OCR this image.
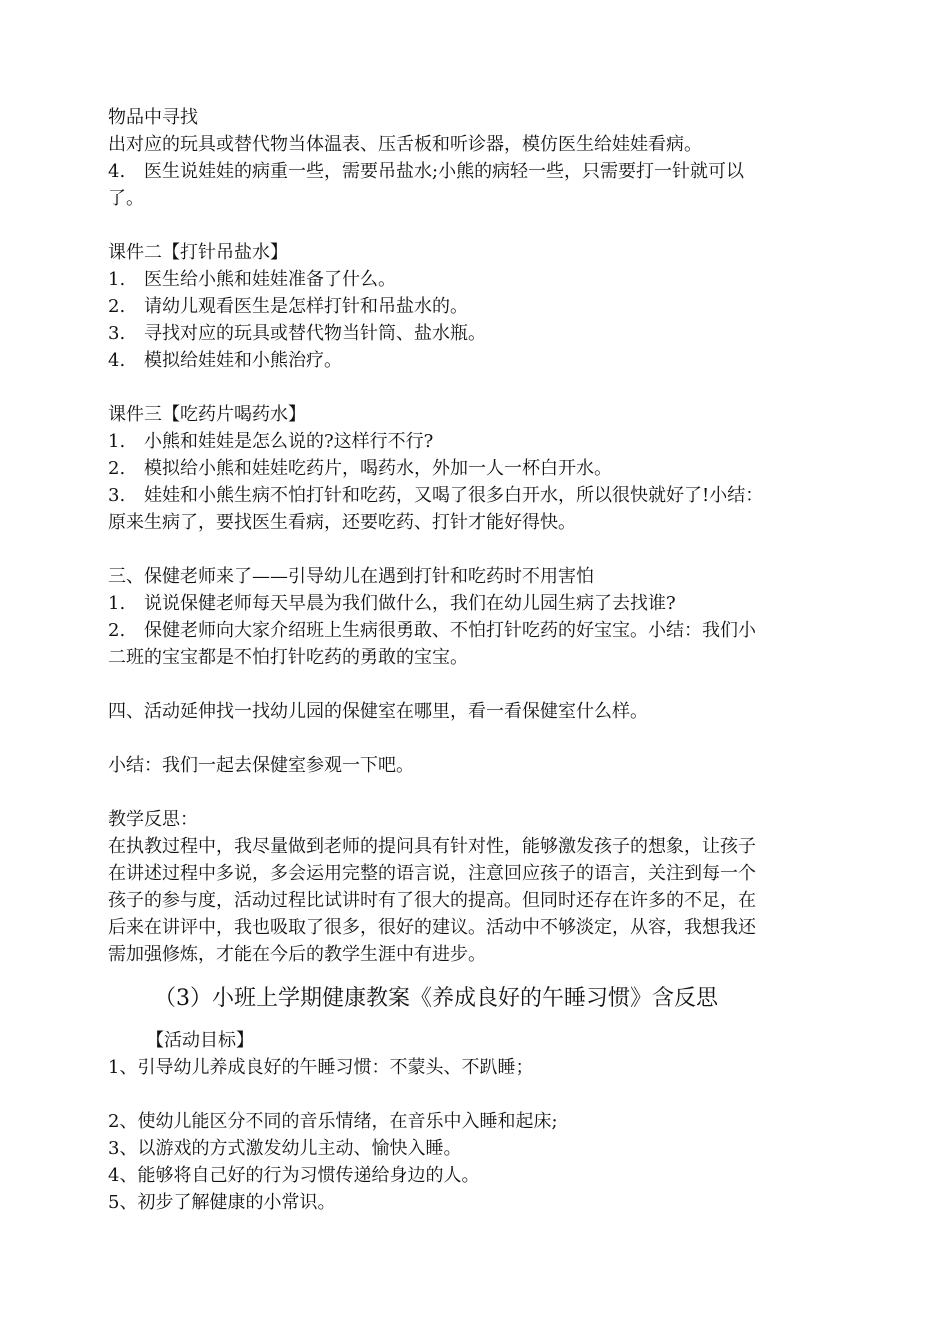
物品中寻找
出对应的玩具或替代物当体温表、压舌板和听诊器，模仿医生给娃娃看病。
4. 医生说娃娃的病重一些，需要吊盐水;小熊的病轻一些，只需要打一针就可以
了。
课件二【打针吊盐水】
1. 医生给小熊和娃娃准备了什么。
2. 请幼儿观看医生是怎样打针和吊盐水的。
3. 寻找对应的玩具或替代物当针筒、盐水瓶。
4. 模拟给娃娃和小熊治疗。
课件三【吃药片喝药水】
1. 小熊和娃娃是怎么说的?这样行不行?
2. 模拟给小熊和娃娃吃药片，喝药水，外加一人一杯白开水。
3. 娃娃和小熊生病不怕打针和吃药，又喝了很多白开水，所以很快就好了!小结：
原来生病了，要找医生看病，还要吃药、打针才能好得快。
三、保健老师来了——引导幼儿在遇到打针和吃药时不用害怕
1. 说说保健老师每天早晨为我们做什么，我们在幼儿园生病了去找谁?
2. 保健老师向大家介绍班上生病很勇敢、不怕打针吃药的好宝宝。小结：我们小
二班的宝宝都是不怕打针吃药的勇敢的宝宝。
四、活动延伸找一找幼儿园的保健室在哪里，看一看保健室什么样。
小结：我们一起去保健室参观一下吧。
教学反思：
在执教过程中，我尽量做到老师的提问具有针对性，能够激发孩子的想象，让孩子
在讲述过程中多说，多会运用完整的语言说，注意回应孩子的语言，关注到每一个
孩子的参与度，活动过程比试讲时有了很大的提高。但同时还存在许多的不足，在
后来在讲评中，我也吸取了很多，很好的建议。活动中不够淡定，从容，我想我还
需加强修炼，才能在今后的教学生涯中有进步。
（3）小班上学期健康教案《养成良好的午睡习惯》含反思
【活动目标】
1、引导幼儿养成良好的午睡习惯：不蒙头、不趴睡；
2、使幼儿能区分不同的音乐情绪，在音乐中入睡和起床;
3、以游戏的方式激发幼儿主动、愉快入睡。
4、能够将自己好的行为习惯传递给身边的人。
5、初步了解健康的小常识。
